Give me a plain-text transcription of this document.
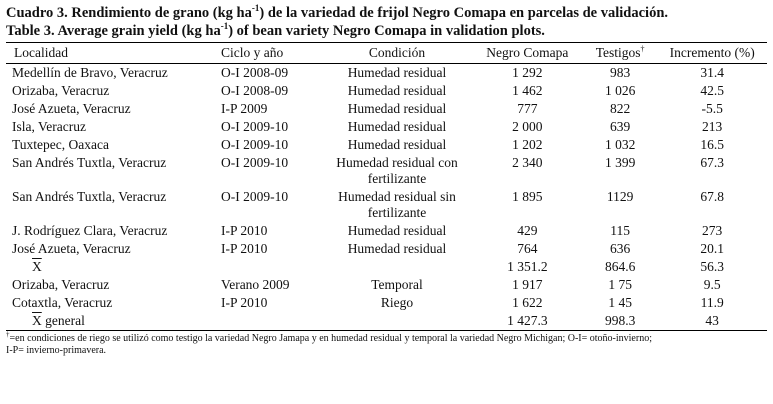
Cuadro 3. Rendimiento de grano (kg $ha^{-1}$) de la variedad de frijol Negro Comapa en parcelas de validación.

Table 3. Average grain yield (kg $ha^{-1}$) of bean variety Negro Comapa in validation plots.

Localidad	Ciclo y año	Condición	Negro Comapa	Testigos†	Incremento (%)
Medellín de Bravo, Veracruz	O-I 2008-09	Humedad residual	1 292	983	31.4
Orizaba, Veracruz	O-I 2008-09	Humedad residual	1 462	1 026	42.5
José Azueta, Veracruz	I-P 2009	Humedad residual	777	822	-5.5
Isla, Veracruz	O-I 2009-10	Humedad residual	2 000	639	213
Tuxtepec, Oaxaca	O-I 2009-10	Humedad residual	1 202	1 032	16.5
San Andrés Tuxtla, Veracruz	O-I 2009-10	Humedad residual con fertilizante	2 340	1 399	67.3
San Andrés Tuxtla, Veracruz	O-I 2009-10	Humedad residual sin fertilizante	1 895	1129	67.8
J. Rodríguez Clara, Veracruz	I-P 2010	Humedad residual	429	115	273
José Azueta, Veracruz	I-P 2010	Humedad residual	764	636	20.1
$\overline{X}$			1 351.2	864.6	56.3
Orizaba, Veracruz	Verano 2009	Temporal	1 917	1 75	9.5
Cotaxtla, Veracruz	I-P 2010	Riego	1 622	1 45	11.9
$\overline{X}$ general			1 427.3	998.3	43
†=en condiciones de riego se utilizó como testigo la variedad Negro Jamapa y en humedad residual y temporal la variedad Negro Michigan; O-I= otoño-invierno;
I-P= invierno-primavera.
